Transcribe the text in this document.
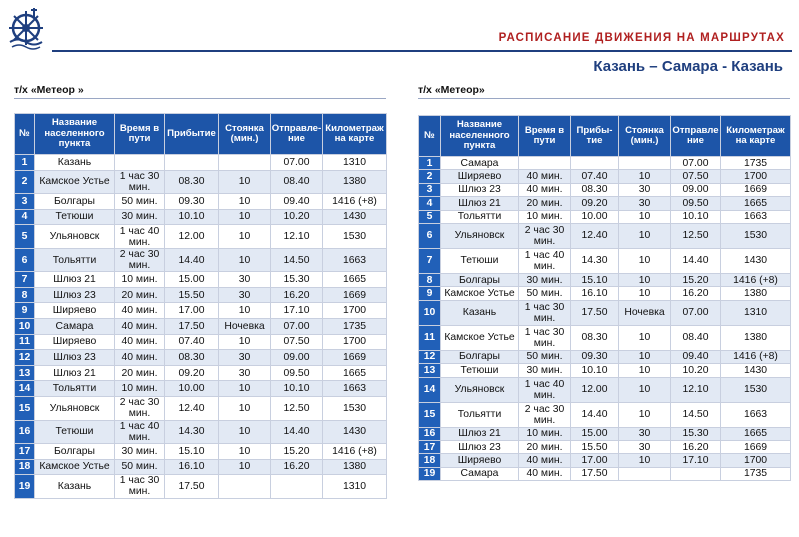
РАСПИСАНИЕ ДВИЖЕНИЯ НА МАРШРУТАХ
Казань – Самара - Казань
т/х «Метеор »	т/х «Метеор»
№	Название населенного пункта	Время в пути	Прибытие	Стоянка (мин.)	Отправле-ние	Километраж на карте
1	Казань				07.00	1310
2	Камское Устье	1 час 30 мин.	08.30	10	08.40	1380
3	Болгары	50 мин.	09.30	10	09.40	1416 (+8)
4	Тетюши	30 мин.	10.10	10	10.20	1430
5	Ульяновск	1 час 40 мин.	12.00	10	12.10	1530
6	Тольятти	2 час 30 мин.	14.40	10	14.50	1663
7	Шлюз 21	10 мин.	15.00	30	15.30	1665
8	Шлюз 23	20 мин.	15.50	30	16.20	1669
9	Ширяево	40 мин.	17.00	10	17.10	1700
10	Самара	40 мин.	17.50	Ночевка	07.00	1735
11	Ширяево	40 мин.	07.40	10	07.50	1700
12	Шлюз 23	40 мин.	08.30	30	09.00	1669
13	Шлюз 21	20 мин.	09.20	30	09.50	1665
14	Тольятти	10 мин.	10.00	10	10.10	1663
15	Ульяновск	2 час 30 мин.	12.40	10	12.50	1530
16	Тетюши	1 час 40 мин.	14.30	10	14.40	1430
17	Болгары	30 мин.	15.10	10	15.20	1416 (+8)
18	Камское Устье	50 мин.	16.10	10	16.20	1380
19	Казань	1 час 30 мин.	17.50			1310
№	Название населенного пункта	Время в пути	Прибы-тие	Стоянка (мин.)	Отправле ние	Километраж на карте
1	Самара				07.00	1735
2	Ширяево	40 мин.	07.40	10	07.50	1700
3	Шлюз 23	40 мин.	08.30	30	09.00	1669
4	Шлюз 21	20 мин.	09.20	30	09.50	1665
5	Тольятти	10 мин.	10.00	10	10.10	1663
6	Ульяновск	2 час 30 мин.	12.40	10	12.50	1530
7	Тетюши	1 час 40 мин.	14.30	10	14.40	1430
8	Болгары	30 мин.	15.10	10	15.20	1416 (+8)
9	Камское Устье	50 мин.	16.10	10	16.20	1380
10	Казань	1 час 30 мин.	17.50	Ночевка	07.00	1310
11	Камское Устье	1 час 30 мин.	08.30	10	08.40	1380
12	Болгары	50 мин.	09.30	10	09.40	1416 (+8)
13	Тетюши	30 мин.	10.10	10	10.20	1430
14	Ульяновск	1 час 40 мин.	12.00	10	12.10	1530
15	Тольятти	2 час 30 мин.	14.40	10	14.50	1663
16	Шлюз 21	10 мин.	15.00	30	15.30	1665
17	Шлюз 23	20 мин.	15.50	30	16.20	1669
18	Ширяево	40 мин.	17.00	10	17.10	1700
19	Самара	40 мин.	17.50			1735
